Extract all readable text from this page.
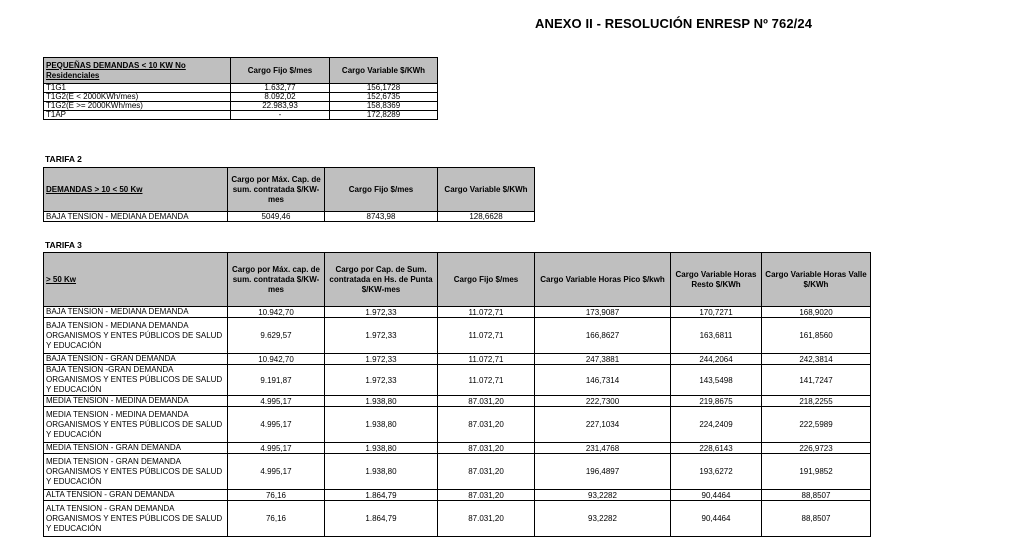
ANEXO II - RESOLUCIÓN ENRESP Nº 762/24
PEQUEÑAS DEMANDAS < 10 KW No Residenciales	Cargo Fijo $/mes	Cargo Variable $/KWh
T1G1	1.632,77	156,1728
T1G2(E < 2000KWh/mes)	8.092,02	152,6735
T1G2(E >= 2000KWh/mes)	22.983,93	158,8369
T1AP	-	172,8289
TARIFA 2
DEMANDAS > 10 < 50 Kw	Cargo por Máx. Cap. de sum. contratada $/KW-mes	Cargo Fijo $/mes	Cargo Variable $/KWh
BAJA TENSION - MEDIANA DEMANDA	5049,46	8743,98	128,6628
TARIFA 3
> 50 Kw	Cargo por Máx. cap. de sum. contratada $/KW-mes	Cargo por Cap. de Sum. contratada en Hs. de Punta $/KW-mes	Cargo Fijo $/mes	Cargo Variable Horas Pico $/kwh	Cargo Variable Horas Resto $/KWh	Cargo Variable Horas Valle $/KWh
BAJA TENSION - MEDIANA DEMANDA	10.942,70	1.972,33	11.072,71	173,9087	170,7271	168,9020
BAJA TENSION - MEDIANA DEMANDA ORGANISMOS Y ENTES PÚBLICOS DE SALUD Y EDUCACIÓN	9.629,57	1.972,33	11.072,71	166,8627	163,6811	161,8560
BAJA TENSION - GRAN DEMANDA	10.942,70	1.972,33	11.072,71	247,3881	244,2064	242,3814
BAJA TENSION -GRAN DEMANDA ORGANISMOS Y ENTES PÚBLICOS DE SALUD Y EDUCACIÓN	9.191,87	1.972,33	11.072,71	146,7314	143,5498	141,7247
MEDIA TENSION - MEDINA DEMANDA	4.995,17	1.938,80	87.031,20	222,7300	219,8675	218,2255
MEDIA TENSION - MEDINA DEMANDA ORGANISMOS Y ENTES PÚBLICOS DE SALUD Y EDUCACIÓN	4.995,17	1.938,80	87.031,20	227,1034	224,2409	222,5989
MEDIA TENSION - GRAN DEMANDA	4.995,17	1.938,80	87.031,20	231,4768	228,6143	226,9723
MEDIA TENSION - GRAN DEMANDA ORGANISMOS Y ENTES PÚBLICOS DE SALUD Y EDUCACIÓN	4.995,17	1.938,80	87.031,20	196,4897	193,6272	191,9852
ALTA TENSION - GRAN DEMANDA	76,16	1.864,79	87.031,20	93,2282	90,4464	88,8507
ALTA TENSION - GRAN DEMANDA ORGANISMOS Y ENTES PÚBLICOS DE SALUD Y EDUCACIÓN	76,16	1.864,79	87.031,20	93,2282	90,4464	88,8507
